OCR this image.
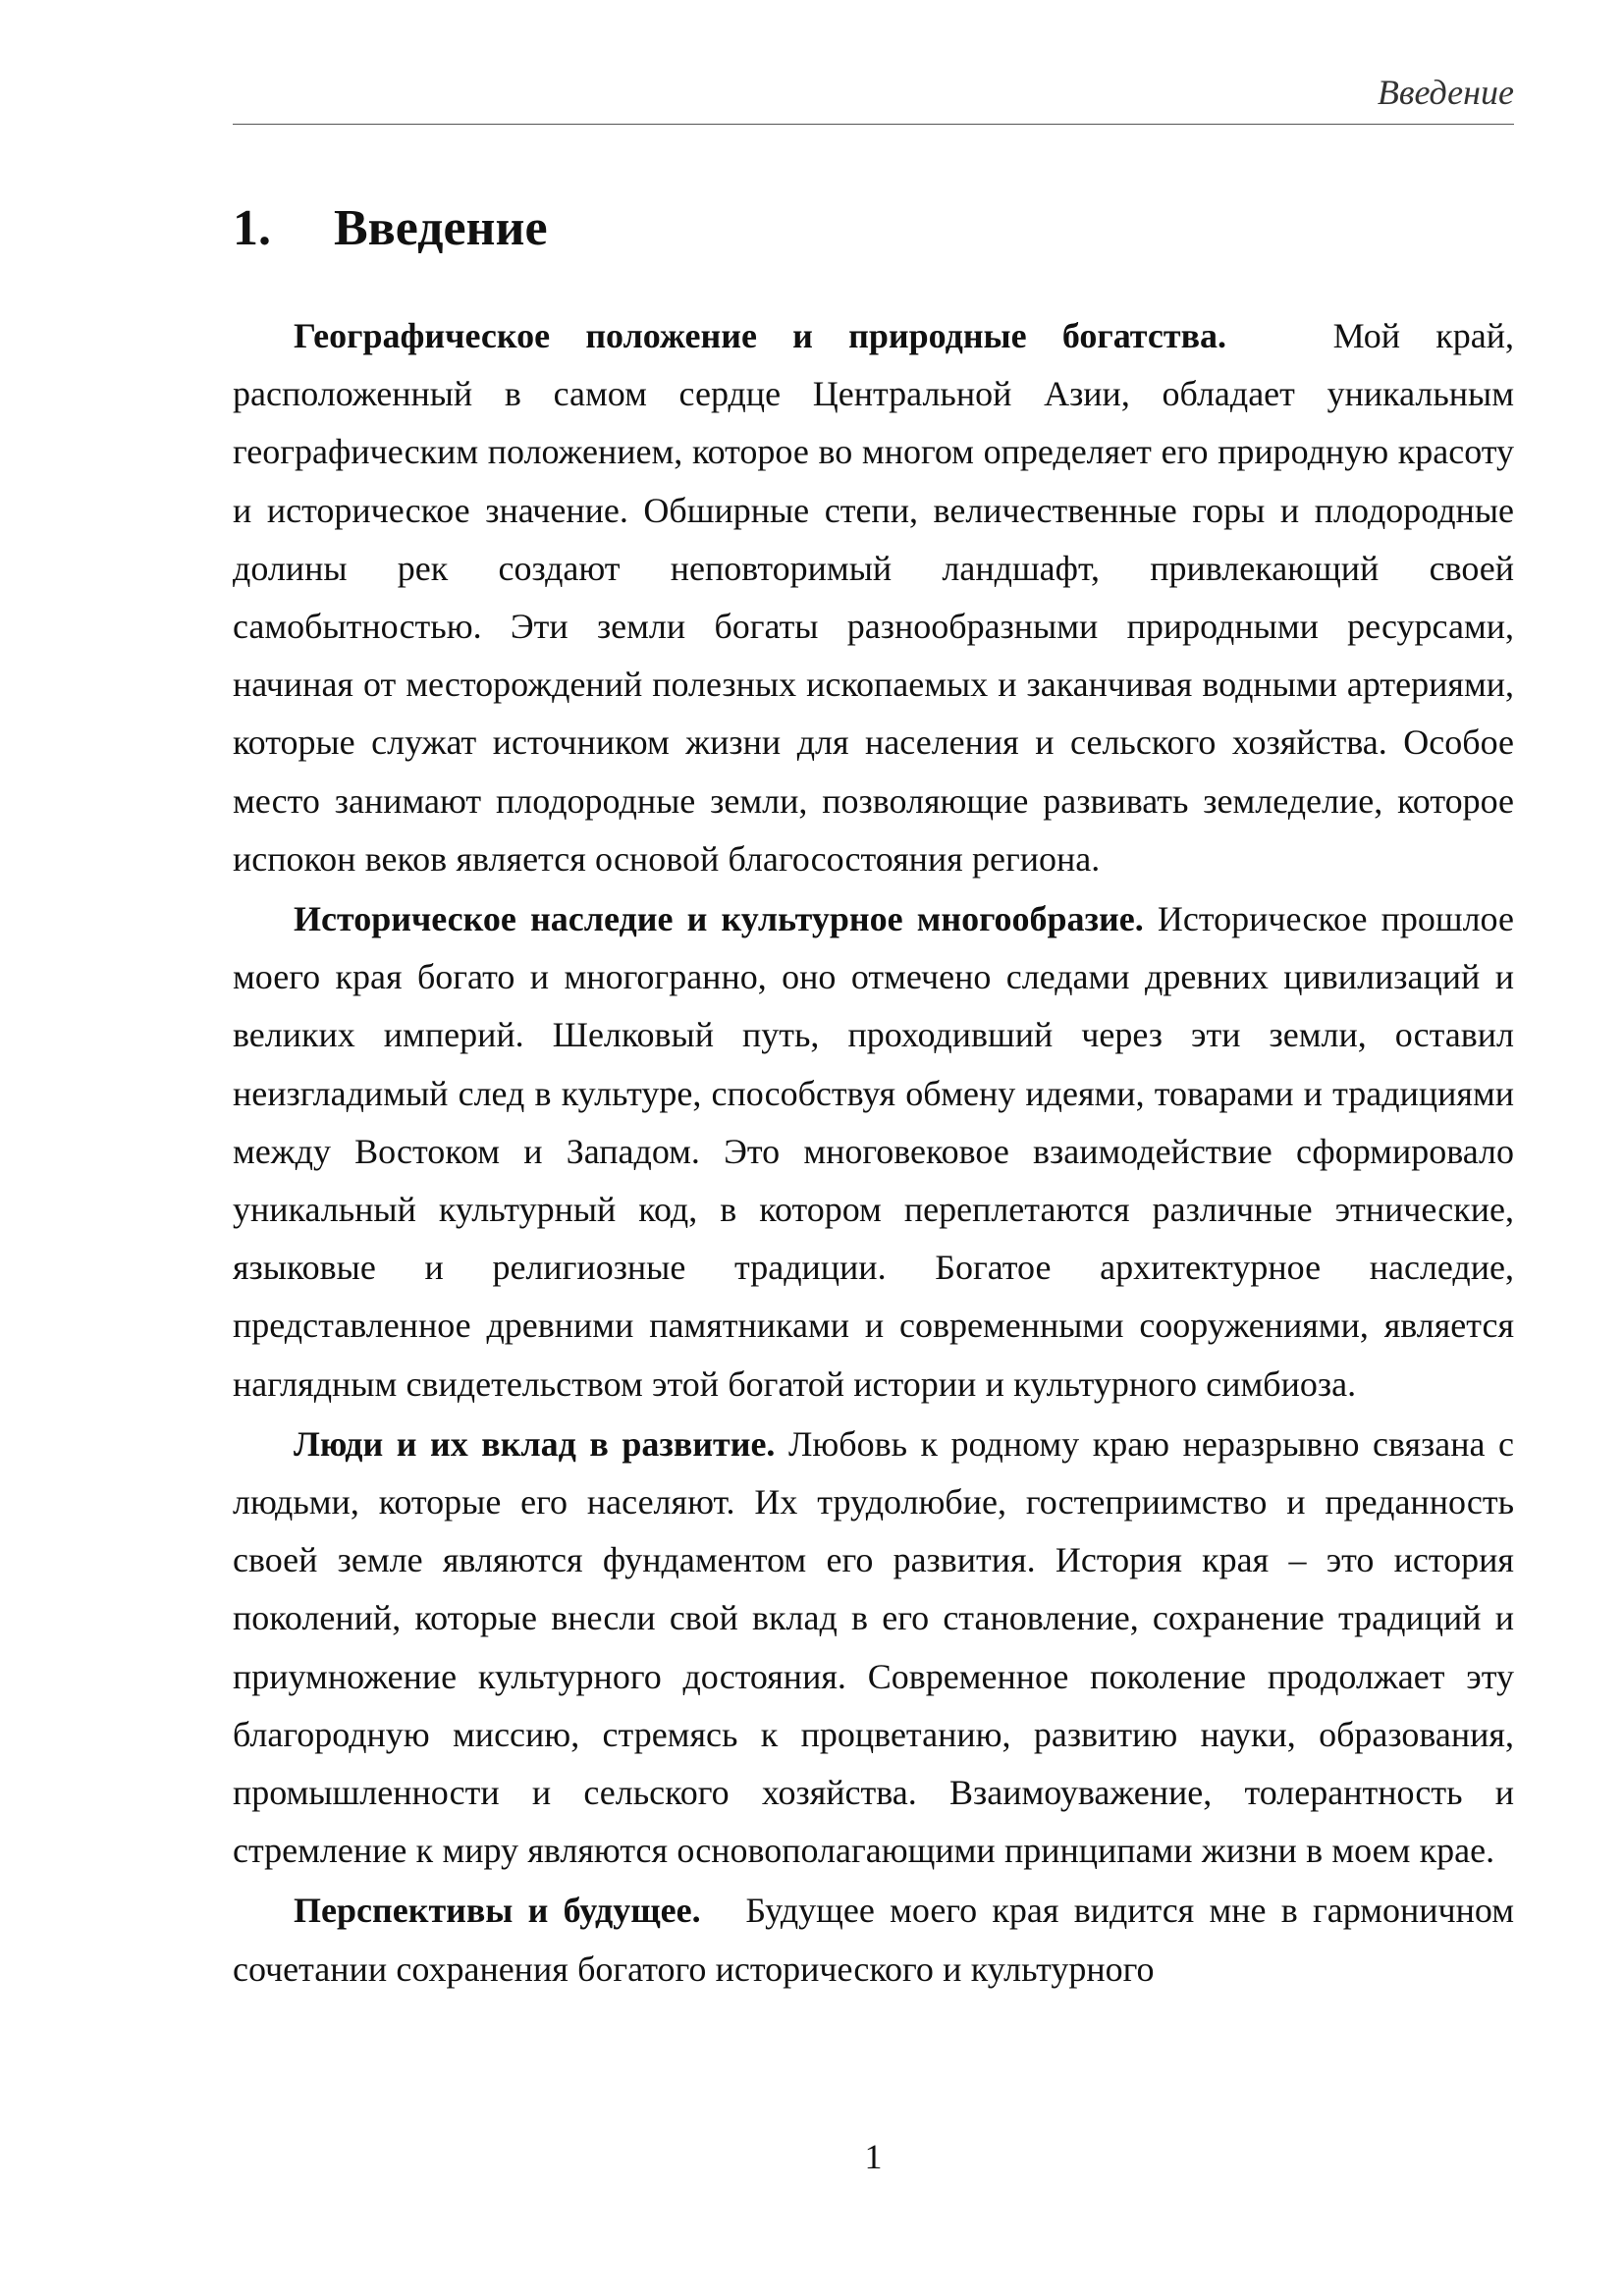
Введение
1. Введение

Географическое положение и природные богатства.	Мой край, расположенный в самом сердце Центральной Азии, обладает уникальным географическим положением, которое во многом определяет его природную красоту и историческое значение. Обширные степи, величественные горы и плодородные долины рек создают неповторимый ландшафт, привлекающий своей самобытностью. Эти земли богаты разнообразными природными ресурсами, начиная от месторождений полезных ископаемых и заканчивая водными артериями, которые служат источником жизни для населения и сельского хозяйства. Особое место занимают плодородные земли, позволяющие развивать земледелие, которое испокон веков является основой благосостояния региона.

Историческое наследие и культурное многообразие. Историческое прошлое моего края богато и многогранно, оно отмечено следами древних цивилизаций и великих империй. Шелковый путь, проходивший через эти земли, оставил неизгладимый след в культуре, способствуя обмену идеями, товарами и традициями между Востоком и Западом. Это многовековое взаимодействие сформировало уникальный культурный код, в котором переплетаются различные этнические, языковые и религиозные традиции. Богатое архитектурное наследие, представленное древними памятниками и современными сооружениями, является наглядным свидетельством этой богатой истории и культурного симбиоза.

Люди и их вклад в развитие. Любовь к родному краю неразрывно связана с людьми, которые его населяют. Их трудолюбие, гостеприимство и преданность своей земле являются фундаментом его развития. История края – это история поколений, которые внесли свой вклад в его становление, сохранение традиций и приумножение культурного достояния. Современное поколение продолжает эту благородную миссию, стремясь к процветанию, развитию науки, образования, промышленности и сельского хозяйства. Взаимоуважение, толерантность и стремление к миру являются основополагающими принципами жизни в моем крае.

Перспективы и будущее. Будущее моего края видится мне в гармоничном сочетании сохранения богатого исторического и культурного

1
